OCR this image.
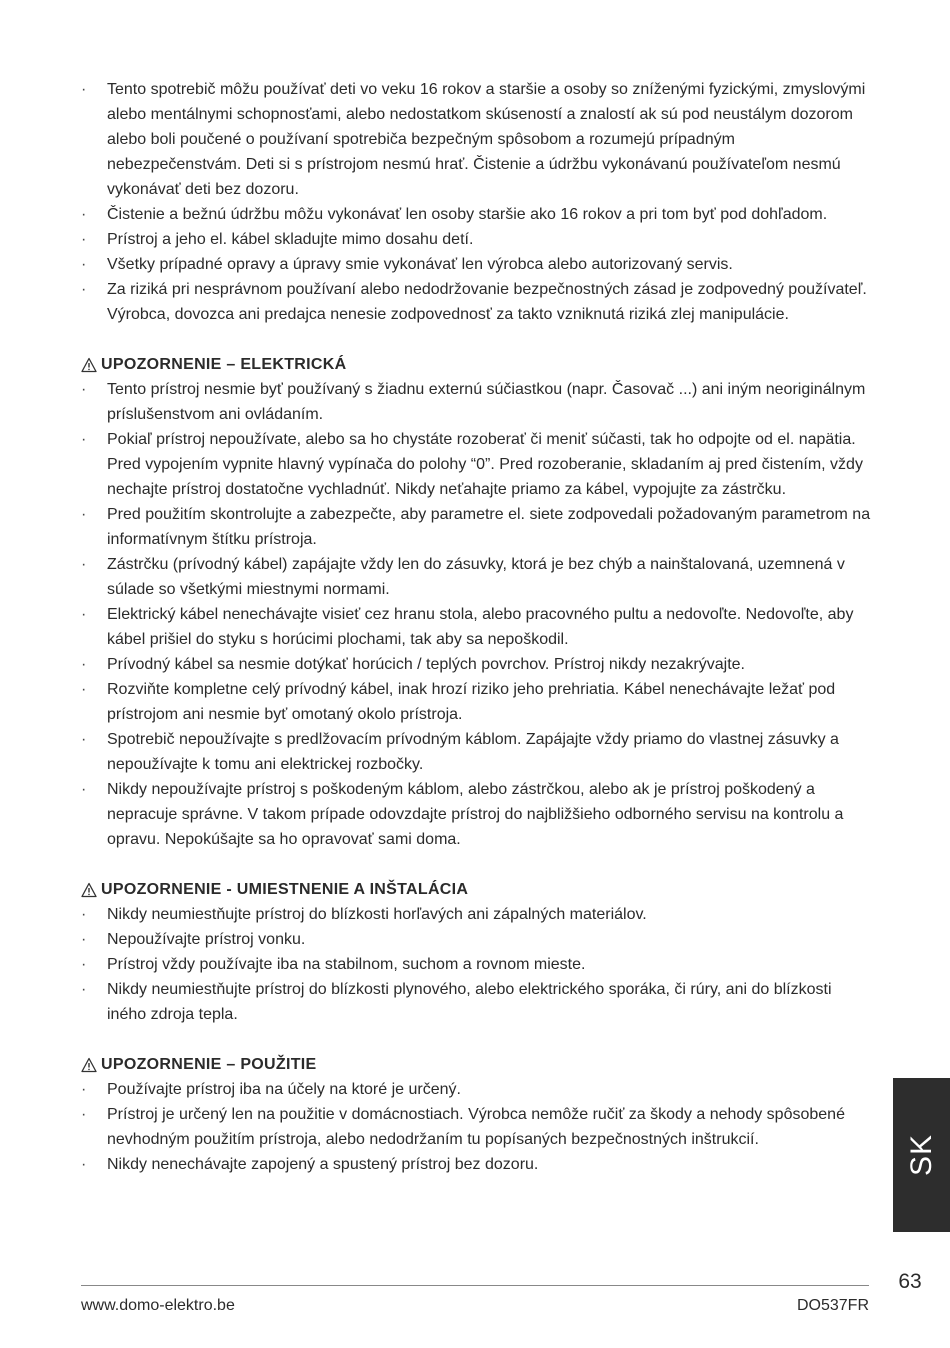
· Tento spotrebič môžu používať deti vo veku 16 rokov a staršie a osoby so zníženými fyzickými, zmyslovými alebo mentálnymi schopnosťami, alebo nedostatkom skúseností a znalostí ak sú pod neustálym dozorom alebo boli poučené o používaní spotrebiča bezpečným spôsobom a rozumejú prípadným nebezpečenstvám. Deti si s prístrojom nesmú hrať. Čistenie a údržbu vykonávanú používateľom nesmú vykonávať deti bez dozoru.
· Čistenie a bežnú údržbu môžu vykonávať len osoby staršie ako 16 rokov a pri tom byť pod dohľadom.
· Prístroj a jeho el. kábel skladujte mimo dosahu detí.
· Všetky prípadné opravy a úpravy smie vykonávať len výrobca alebo autorizovaný servis.
· Za riziká pri nesprávnom používaní alebo nedodržovanie bezpečnostných zásad je zodpovedný používateľ. Výrobca, dovozca ani predajca nenesie zodpovednosť za takto vzniknutá riziká zlej manipulácie.
UPOZORNENIE – ELEKTRICKÁ
· Tento prístroj nesmie byť používaný s žiadnu externú súčiastkou (napr. Časovač ...) ani iným neoriginálnym príslušenstvom ani ovládaním.
· Pokiaľ prístroj nepoužívate, alebo sa ho chystáte rozoberať či meniť súčasti, tak ho odpojte od el. napätia. Pred vypojením vypnite hlavný vypínača do polohy “0”. Pred rozoberanie, skladaním aj pred čistením, vždy nechajte prístroj dostatočne vychladnúť. Nikdy neťahajte priamo za kábel, vypojujte za zástrčku.
· Pred použitím skontrolujte a zabezpečte, aby parametre el. siete zodpovedali požadovaným parametrom na informatívnym štítku prístroja.
· Zástrčku (prívodný kábel) zapájajte vždy len do zásuvky, ktorá je bez chýb a nainštalovaná, uzemnená v súlade so všetkými miestnymi normami.
· Elektrický kábel nenechávajte visieť cez hranu stola, alebo pracovného pultu a nedovoľte. Nedovoľte, aby kábel prišiel do styku s horúcimi plochami, tak aby sa nepoškodil.
· Prívodný kábel sa nesmie dotýkať horúcich / teplých povrchov. Prístroj nikdy nezakrývajte.
· Rozviňte kompletne celý prívodný kábel, inak hrozí riziko jeho prehriatia. Kábel nenechávajte ležať pod prístrojom ani nesmie byť omotaný okolo prístroja.
· Spotrebič nepoužívajte s predlžovacím prívodným káblom. Zapájajte vždy priamo do vlastnej zásuvky a nepoužívajte k tomu ani elektrickej rozbočky.
· Nikdy nepoužívajte prístroj s poškodeným káblom, alebo zástrčkou, alebo ak je prístroj poškodený a nepracuje správne. V takom prípade odovzdajte prístroj do najbližšieho odborného servisu na kontrolu a opravu. Nepokúšajte sa ho opravovať sami doma.
UPOZORNENIE - UMIESTNENIE A INŠTALÁCIA
· Nikdy neumiestňujte prístroj do blízkosti horľavých ani zápalných materiálov.
· Nepoužívajte prístroj vonku.
· Prístroj vždy používajte iba na stabilnom, suchom a rovnom mieste.
· Nikdy neumiestňujte prístroj do blízkosti plynového, alebo elektrického sporáka, či rúry, ani do blízkosti iného zdroja tepla.
UPOZORNENIE – POUŽITIE
· Používajte prístroj iba na účely na ktoré je určený.
· Prístroj je určený len na použitie v domácnostiach. Výrobca nemôže ručiť za škody a nehody spôsobené nevhodným použitím prístroja, alebo nedodržaním tu popísaných bezpečnostných inštrukcií.
· Nikdy nenechávajte zapojený a spustený prístroj bez dozoru.	SK
63
www.domo-elektro.be	DO537FR
